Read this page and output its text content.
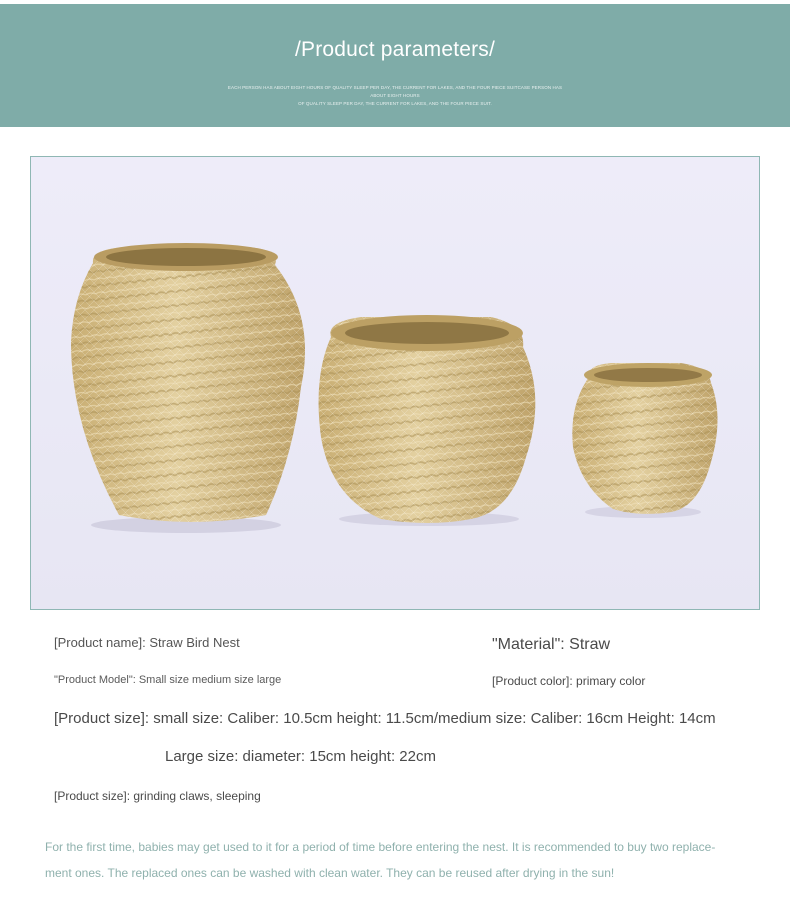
/Product parameters/
EACH PERSON HAS ABOUT EIGHT HOURS OF QUALITY SLEEP PER DAY, THE CURRENT FOR LAKES, AND THE FOUR PIECE SUITCASE PERSON HAS ABOUT EIGHT HOURS
OF QUALITY SLEEP PER DAY, THE CURRENT FOR LAKES, AND THE FOUR PIECE SUIT.
[Product name]: Straw Bird Nest	"Material": Straw
"Product Model": Small size medium size large	[Product color]: primary color
[Product size]: small size: Caliber: 10.5cm height: 11.5cm/medium size: Caliber: 16cm Height: 14cm
Large size: diameter: 15cm height: 22cm
[Product size]: grinding claws, sleeping
For the first time, babies may get used to it for a period of time before entering the nest. It is recommended to buy two replace-
ment ones. The replaced ones can be washed with clean water. They can be reused after drying in the sun!
